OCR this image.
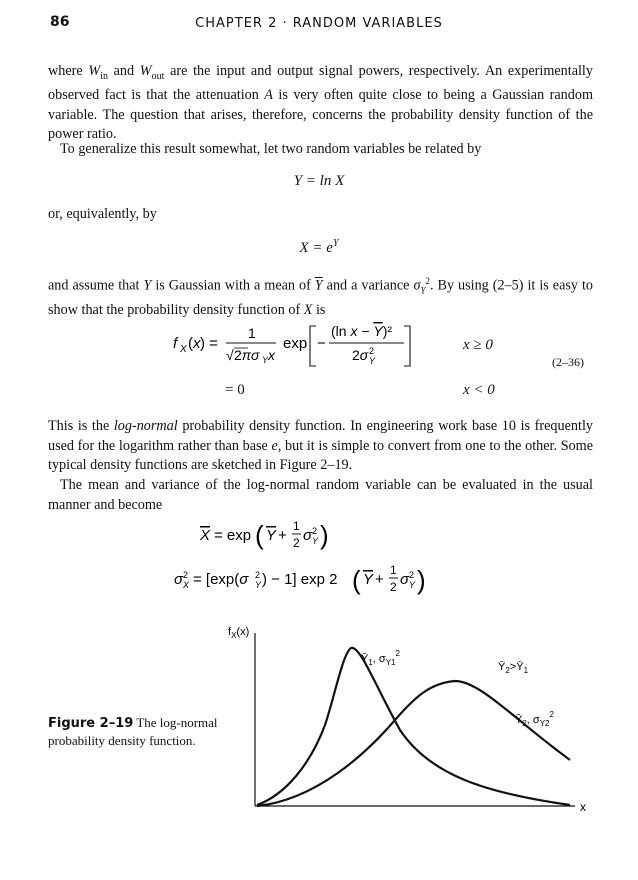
86	CHAPTER 2 · RANDOM VARIABLES
where $W_{in}$ and $W_{out}$ are the input and output signal powers, respectively. An experimentally observed fact is that the attenuation A is very often quite close to being a Gaussian random variable. The question that arises, therefore, concerns the probability density function of the power ratio.
To generalize this result somewhat, let two random variables be related by
Y = ln X
or, equivalently, by
$X = e^Y$
and assume that Y is Gaussian with a mean of $\overline{Y}$ and a variance $\sigma_Y^2$. By using (2–5) it is easy to show that the probability density function of X is
f X ( x ) =
1
√ 2πσ Y x
exp −
(ln x − Y)²
2σ 2
Y
x ≥ 0
(2–36)
= 0	x < 0
This is the log-normal probability density function. In engineering work base 10 is frequently used for the logarithm rather than base e, but it is simple to convert from one to the other. Some typical density functions are sketched in Figure 2–19.
The mean and variance of the log-normal random variable can be evaluated in the usual manner and become
X = exp ( Y +
1
2 σ 2
Y )
σ 2
X = [exp(σ 2
Y ) − 1] exp 2 ( Y +
1
2 σ 2
Y )
Figure 2–19 The log-normal probability density function.
$f_X(x)$
x
$Ȳ_1$, $\sigma_{Y1}^2$
$Ȳ_2>Ȳ_1$
$Ȳ_2$, $\sigma_{Y2}^2$
